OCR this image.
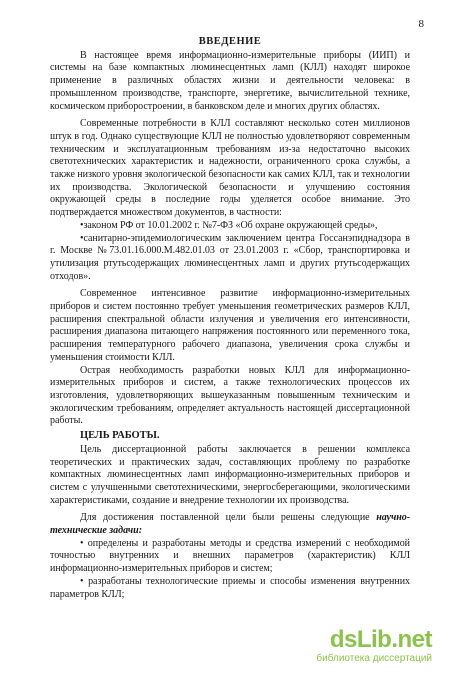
8
ВВЕДЕНИЕ

В настоящее время информационно-измерительные приборы (ИИП) и системы на базе компактных люминесцентных ламп (КЛЛ) находят широкое применение в различных областях жизни и деятельности человека: в промышленном производстве, транспорте, энергетике, вычислительной технике, космическом приборостроении, в банковском деле и многих других областях.

Современные потребности в КЛЛ составляют несколько сотен миллионов штук в год. Однако существующие КЛЛ не полностью удовлетворяют современным техническим и эксплуатационным требованиям из-за недостаточно высоких светотехнических характеристик и надежности, ограниченного срока службы, а также низкого уровня экологической безопасности как самих КЛЛ, так и технологии их производства. Экологической безопасности и улучшению состояния окружающей среды в последние годы уделяется особое внимание. Это подтверждается множеством документов, в частности:

•законом РФ от 10.01.2002 г. №7-ФЗ «Об охране окружающей среды»,

•санитарно-эпидемиологическим заключением центра Госсанэпиднадзора в г. Москве №73.01.16.000.М.482.01.03 от 23.01.2003 г. «Сбор, транспортировка и утилизация ртутьсодержащих люминесцентных ламп и других ртутьсодержащих отходов».

Современное интенсивное развитие информационно-измерительных приборов и систем постоянно требует уменьшения геометрических размеров КЛЛ, расширения спектральной области излучения и увеличения его интенсивности, расширения диапазона питающего напряжения постоянного или переменного тока, расширения температурного рабочего диапазона, увеличения срока службы и уменьшения стоимости КЛЛ.

Острая необходимость разработки новых КЛЛ для информационно-измерительных приборов и систем, а также технологических процессов их изготовления, удовлетворяющих вышеуказанным повышенным техническим и экологическим требованиям, определяет актуальность настоящей диссертационной работы.

ЦЕЛЬ РАБОТЫ.

Цель диссертационной работы заключается в решении комплекса теоретических и практических задач, составляющих проблему по разработке компактных люминесцентных ламп информационно-измерительных приборов и систем с улучшенными светотехническими, энергосберегающими, экологическими характеристиками, создание и внедрение технологии их производства.

Для достижения поставленной цели были решены следующие научно-технические задачи:

• определены и разработаны методы и средства измерений с необходимой точностью внутренних и внешних параметров (характеристик) КЛЛ информационно-измерительных приборов и систем;

• разработаны технологические приемы и способы изменения внутренних параметров КЛЛ;

dsLib.net
библиотека диссертаций
